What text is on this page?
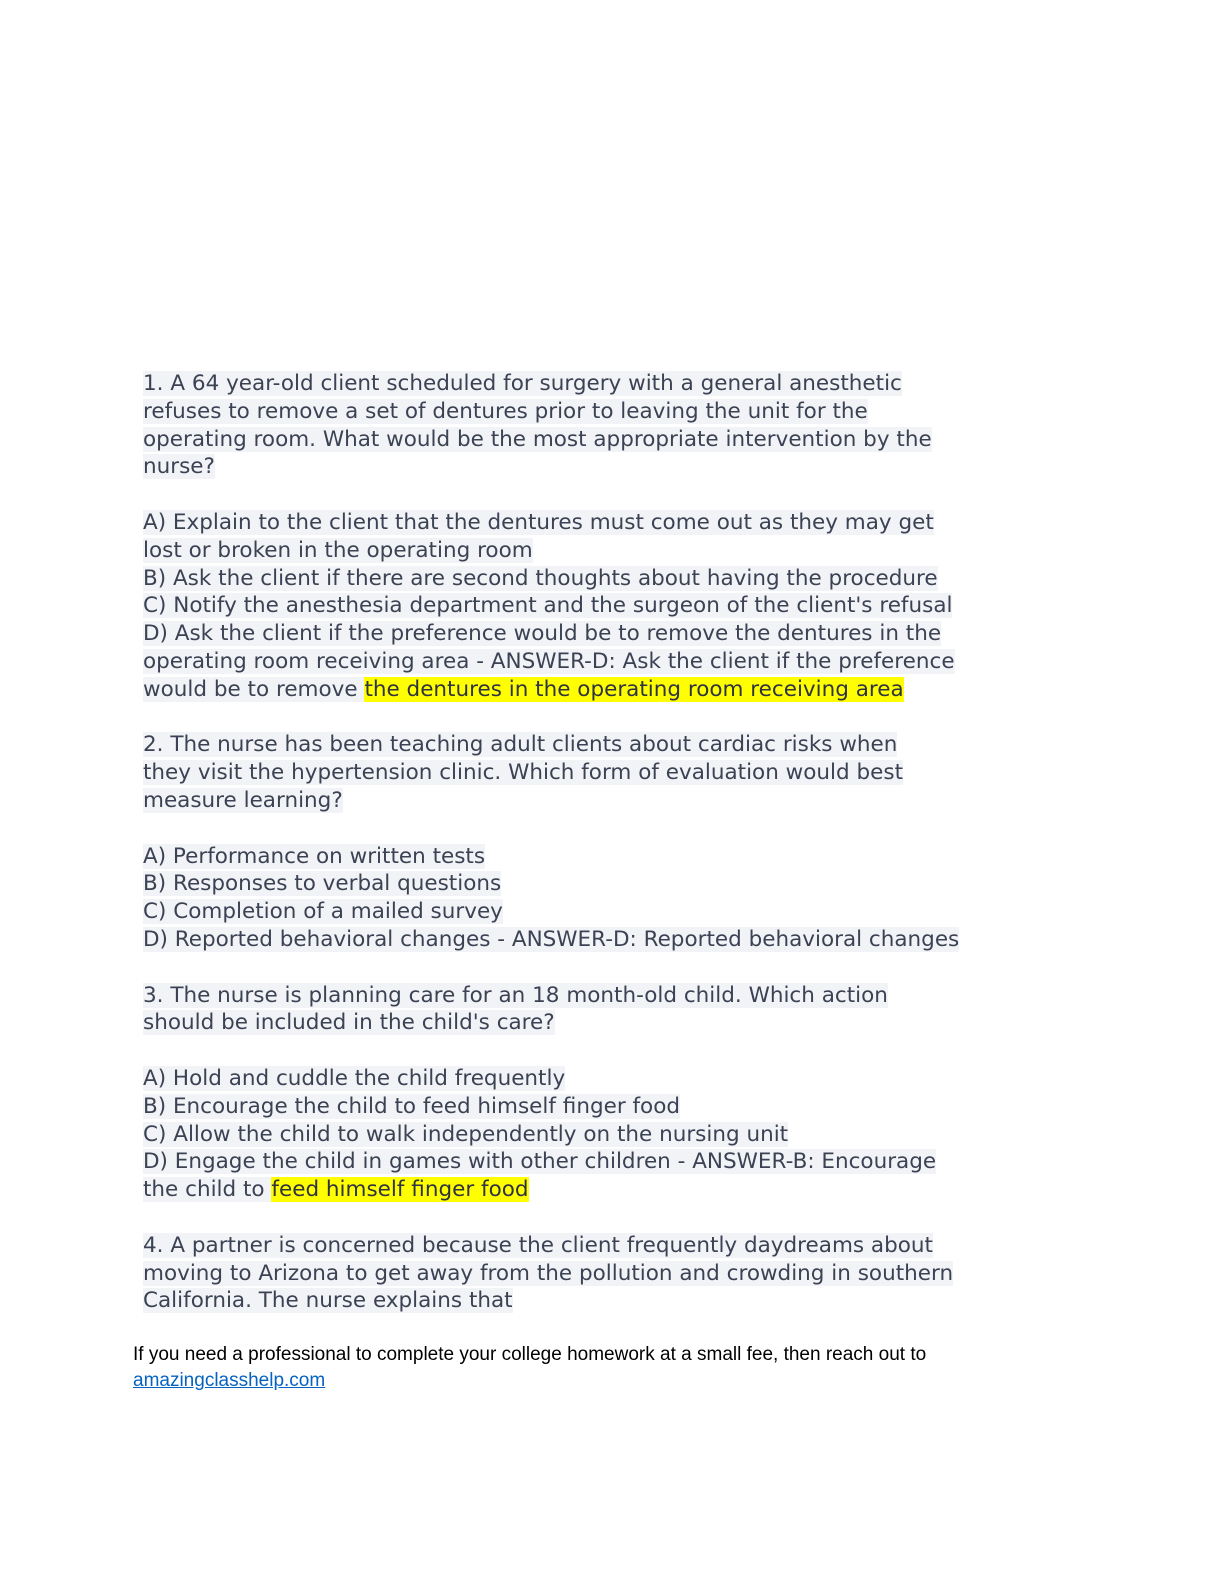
1. A 64 year-old client scheduled for surgery with a general anesthetic
refuses to remove a set of dentures prior to leaving the unit for the
operating room. What would be the most appropriate intervention by the
nurse?
A) Explain to the client that the dentures must come out as they may get
lost or broken in the operating room
B) Ask the client if there are second thoughts about having the procedure
C) Notify the anesthesia department and the surgeon of the client's refusal
D) Ask the client if the preference would be to remove the dentures in the
operating room receiving area - ANSWER-D: Ask the client if the preference
would be to remove the dentures in the operating room receiving area
2. The nurse has been teaching adult clients about cardiac risks when
they visit the hypertension clinic. Which form of evaluation would best
measure learning?
A) Performance on written tests
B) Responses to verbal questions
C) Completion of a mailed survey
D) Reported behavioral changes - ANSWER-D: Reported behavioral changes
3. The nurse is planning care for an 18 month-old child. Which action
should be included in the child's care?
A) Hold and cuddle the child frequently
B) Encourage the child to feed himself finger food
C) Allow the child to walk independently on the nursing unit
D) Engage the child in games with other children - ANSWER-B: Encourage
the child to feed himself finger food
4. A partner is concerned because the client frequently daydreams about
moving to Arizona to get away from the pollution and crowding in southern
California. The nurse explains that
If you need a professional to complete your college homework at a small fee, then reach out to
amazingclasshelp.com
